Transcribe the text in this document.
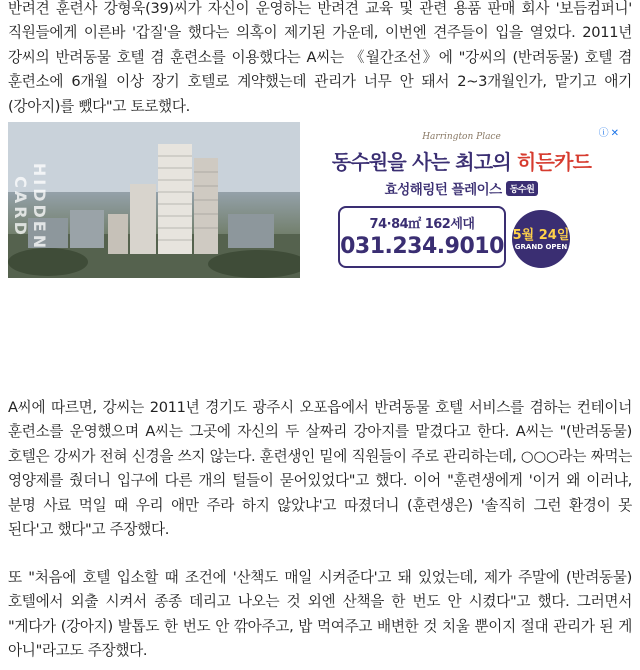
반려견 훈련사 강형욱(39)씨가 자신이 운영하는 반려견 교육 및 관련 용품 판매 회사 '보듬컴퍼니' 직원들에게 이른바 '갑질'을 했다는 의혹이 제기된 가운데, 이번엔 견주들이 입을 열었다. 2011년 강씨의 반려동물 호텔 겸 훈련소를 이용했다는 A씨는 《월간조선》에 "강씨의 (반려동물) 호텔 겸 훈련소에 6개월 이상 장기 호텔로 계약했는데 관리가 너무 안 돼서 2~3개월인가, 맡기고 애기(강아지)를 뺐다"고 토로했다.

HIDDEN CARD
Harrington Place
동수원을 사는 최고의 히든카드
효성해링턴 플레이스 동수원
74·84㎡ 162세대
031.234.9010 5월 24일
GRAND OPEN
ⓘ ✕

A씨에 따르면, 강씨는 2011년 경기도 광주시 오포읍에서 반려동물 호텔 서비스를 겸하는 컨테이너 훈련소를 운영했으며 A씨는 그곳에 자신의 두 살짜리 강아지를 맡겼다고 한다. A씨는 "(반려동물) 호텔은 강씨가 전혀 신경을 쓰지 않는다. 훈련생인 밑에 직원들이 주로 관리하는데, ○○○라는 짜먹는 영양제를 줬더니 입구에 다른 개의 털들이 묻어있었다"고 했다. 이어 "훈련생에게 '이거 왜 이러냐, 분명 사료 먹일 때 우리 애만 주라 하지 않았냐'고 따졌더니 (훈련생은) '솔직히 그런 환경이 못 된다'고 했다"고 주장했다.

또 "처음에 호텔 입소할 때 조건에 '산책도 매일 시켜준다'고 돼 있었는데, 제가 주말에 (반려동물) 호텔에서 외출 시켜서 종종 데리고 나오는 것 외엔 산책을 한 번도 안 시켰다"고 했다. 그러면서 "게다가 (강아지) 발톱도 한 번도 안 깎아주고, 밥 먹여주고 배변한 것 치울 뿐이지 절대 관리가 된 게 아니"라고도 주장했다.
